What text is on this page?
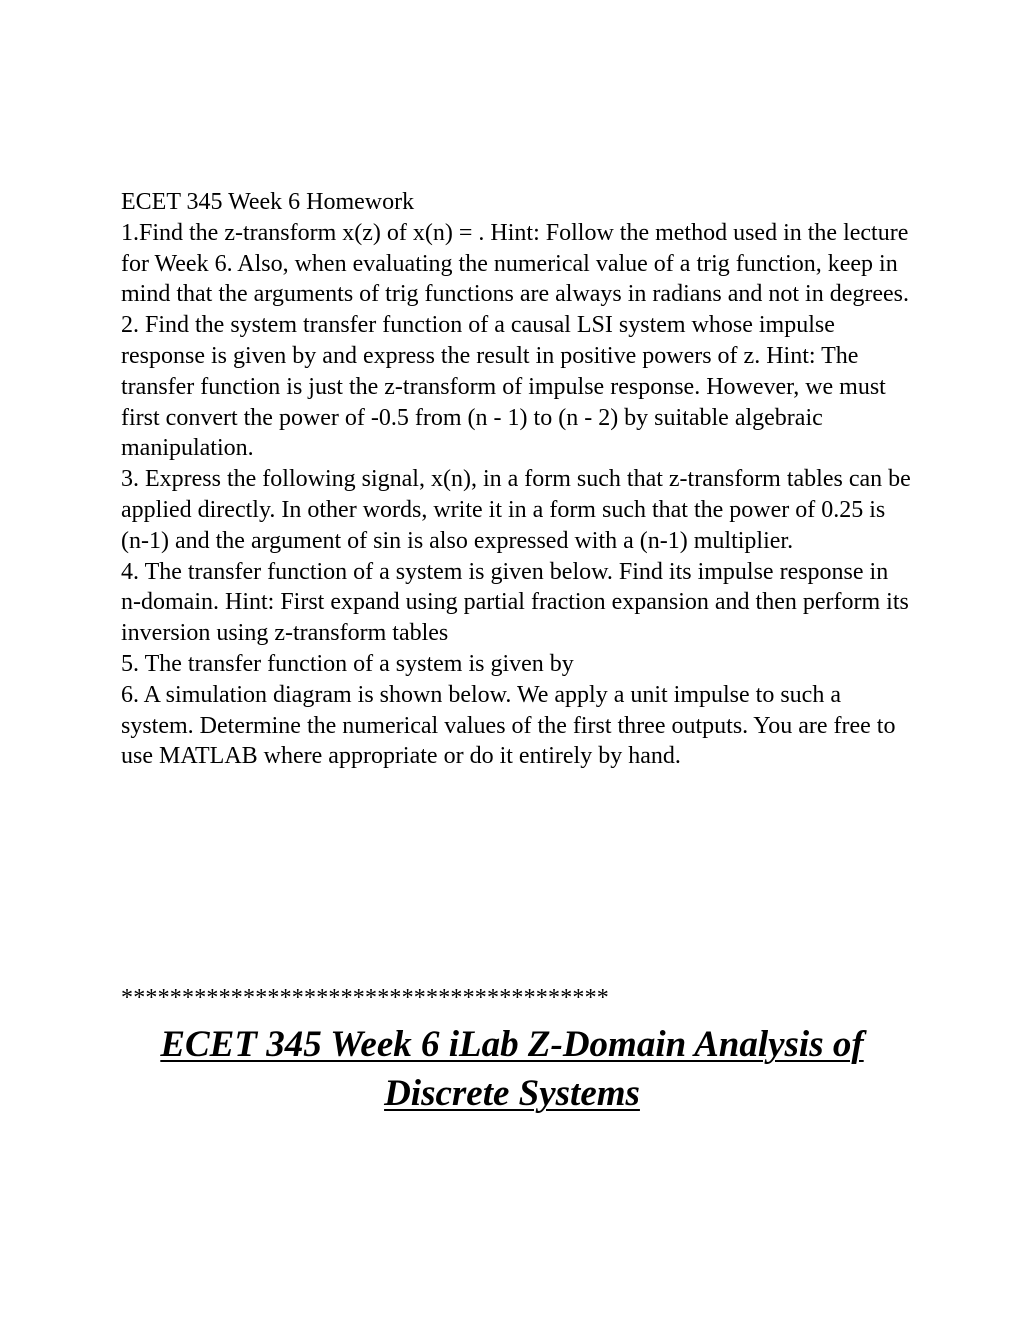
ECET 345 Week 6 Homework

1.Find the z-transform x(z) of x(n) = . Hint: Follow the method used in the lecture for Week 6. Also, when evaluating the numerical value of a trig function, keep in mind that the arguments of trig functions are always in radians and not in degrees.

2. Find the system transfer function of a causal LSI system whose impulse response is given by and express the result in positive powers of z. Hint: The transfer function is just the z-transform of impulse response. However, we must first convert the power of -0.5 from (n - 1) to (n - 2) by suitable algebraic manipulation.

3. Express the following signal, x(n), in a form such that z-transform tables can be applied directly. In other words, write it in a form such that the power of 0.25 is (n-1) and the argument of sin is also expressed with a (n-1) multiplier.

4. The transfer function of a system is given below. Find its impulse response in n-domain. Hint: First expand using partial fraction expansion and then perform its inversion using z-transform tables

5. The transfer function of a system is given by

6. A simulation diagram is shown below. We apply a unit impulse to such a system. Determine the numerical values of the first three outputs. You are free to use MATLAB where appropriate or do it entirely by hand.

****************************************
ECET 345 Week 6 iLab Z-Domain Analysis of Discrete Systems
